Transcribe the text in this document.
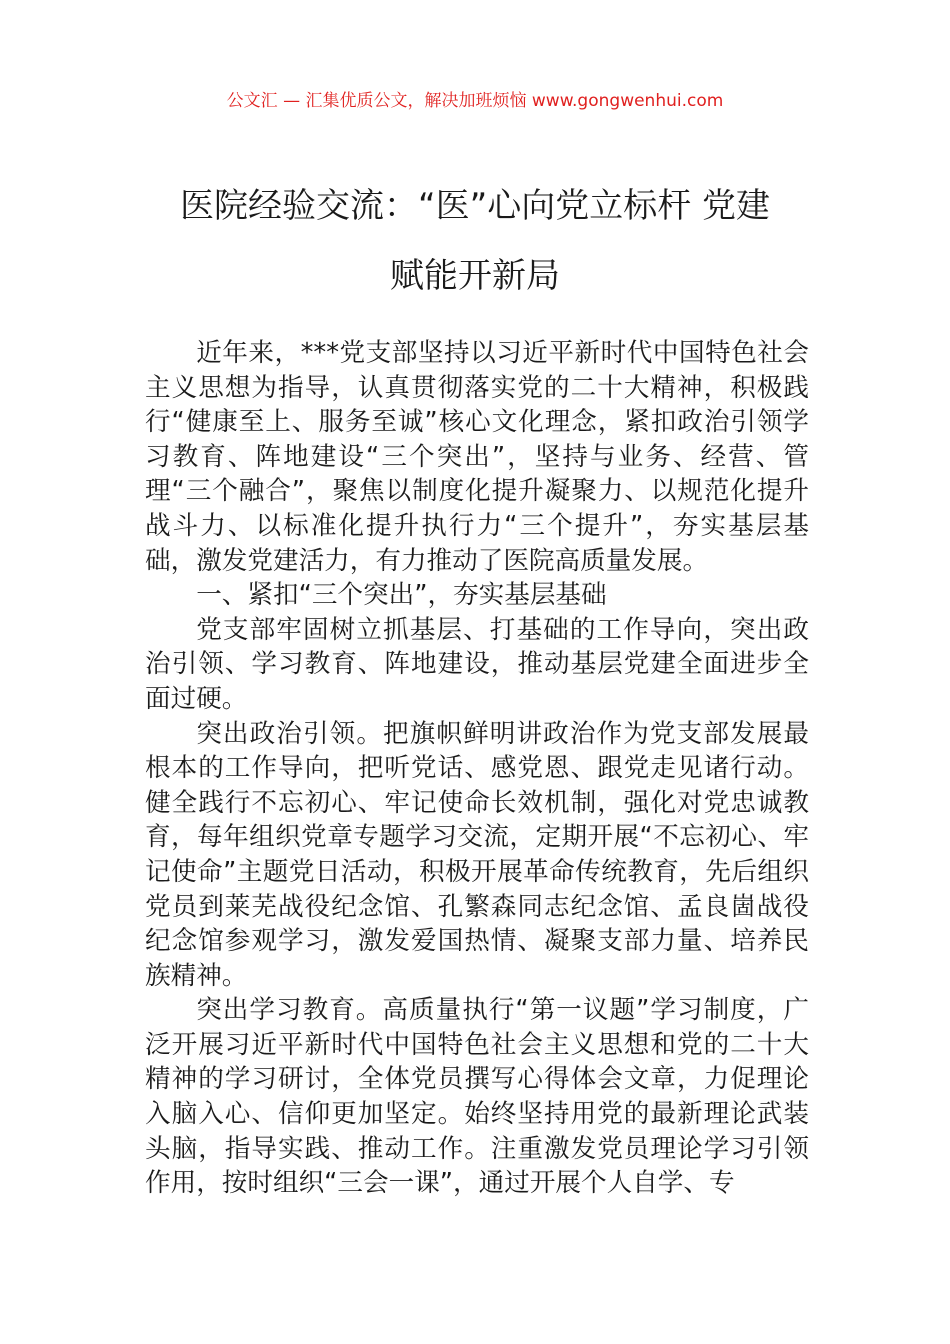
公文汇 — 汇集优质公文，解决加班烦恼 www.gongwenhui.com
医院经验交流：“医”心向党立标杆 党建
赋能开新局

近年来，***党支部坚持以习近平新时代中国特色社会主义思想为指导，认真贯彻落实党的二十大精神，积极践行“健康至上、服务至诚”核心文化理念，紧扣政治引领学习教育、阵地建设“三个突出”，坚持与业务、经营、管理“三个融合”，聚焦以制度化提升凝聚力、以规范化提升战斗力、以标准化提升执行力“三个提升”，夯实基层基础，激发党建活力，有力推动了医院高质量发展。

一、紧扣“三个突出”，夯实基层基础

党支部牢固树立抓基层、打基础的工作导向，突出政治引领、学习教育、阵地建设，推动基层党建全面进步全面过硬。

突出政治引领。把旗帜鲜明讲政治作为党支部发展最根本的工作导向，把听党话、感党恩、跟党走见诸行动。健全践行不忘初心、牢记使命长效机制，强化对党忠诚教育，每年组织党章专题学习交流，定期开展“不忘初心、牢记使命”主题党日活动，积极开展革命传统教育，先后组织党员到莱芜战役纪念馆、孔繁森同志纪念馆、孟良崮战役纪念馆参观学习，激发爱国热情、凝聚支部力量、培养民族精神。

突出学习教育。高质量执行“第一议题”学习制度，广泛开展习近平新时代中国特色社会主义思想和党的二十大精神的学习研讨，全体党员撰写心得体会文章，力促理论入脑入心、信仰更加坚定。始终坚持用党的最新理论武装头脑，指导实践、推动工作。注重激发党员理论学习引领作用，按时组织“三会一课”，通过开展个人自学、专
